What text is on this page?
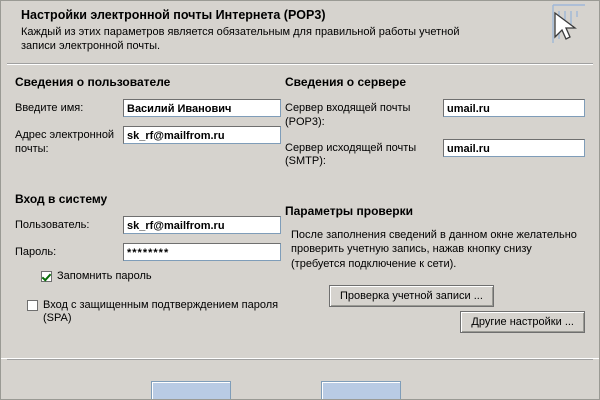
Настройки электронной почты Интернета (POP3)
Каждый из этих параметров является обязательным для правильной работы учетной записи электронной почты.
Сведения о пользователе
Введите имя:	Василий Иванович
Адрес электронной почты:
sk_rf@mailfrom.ru
Вход в систему
Пользователь:	sk_rf@mailfrom.ru
Пароль:	********
Запомнить пароль
Вход с защищенным подтверждением пароля (SPA)
Сведения о сервере
Сервер входящей почты (POP3):
umail.ru
Сервер исходящей почты (SMTP):
umail.ru
Параметры проверки
После заполнения сведений в данном окне желательно проверить учетную запись, нажав кнопку снизу (требуется подключение к сети).
Проверка учетной записи ...
Другие настройки ...
